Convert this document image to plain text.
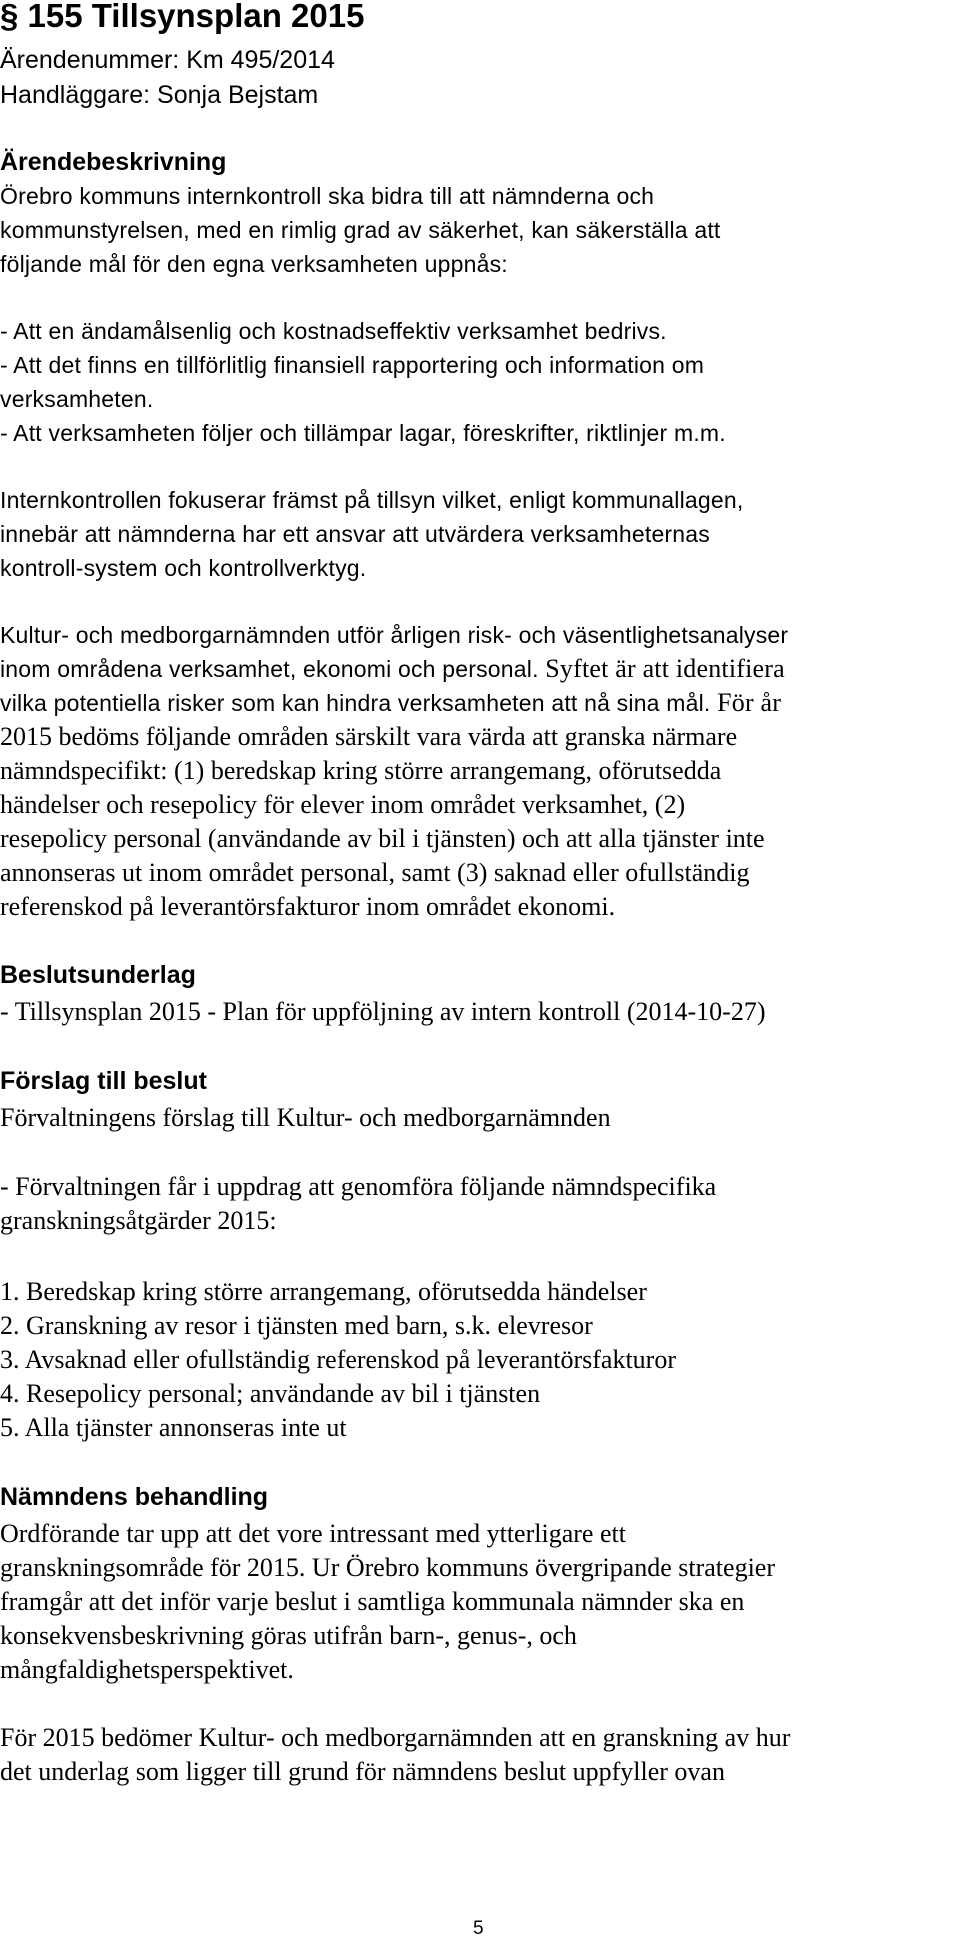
§ 155 Tillsynsplan 2015

Ärendenummer: Km 495/2014

Handläggare: Sonja Bejstam

Ärendebeskrivning

Örebro kommuns internkontroll ska bidra till att nämnderna och

kommunstyrelsen, med en rimlig grad av säkerhet, kan säkerställa att

följande mål för den egna verksamheten uppnås:

- Att en ändamålsenlig och kostnadseffektiv verksamhet bedrivs.

- Att det finns en tillförlitlig finansiell rapportering och information om

verksamheten.

- Att verksamheten följer och tillämpar lagar, föreskrifter, riktlinjer m.m.

Internkontrollen fokuserar främst på tillsyn vilket, enligt kommunallagen,

innebär att nämnderna har ett ansvar att utvärdera verksamheternas

kontroll-system och kontrollverktyg.

Kultur- och medborgarnämnden utför årligen risk- och väsentlighetsanalyser

inom områdena verksamhet, ekonomi och personal. Syftet är att identifiera

vilka potentiella risker som kan hindra verksamheten att nå sina mål. För år

2015 bedöms följande områden särskilt vara värda att granska närmare

nämndspecifikt: (1) beredskap kring större arrangemang, oförutsedda

händelser och resepolicy för elever inom området verksamhet, (2)

resepolicy personal (användande av bil i tjänsten) och att alla tjänster inte

annonseras ut inom området personal, samt (3) saknad eller ofullständig

referenskod på leverantörsfakturor inom området ekonomi.

Beslutsunderlag

- Tillsynsplan 2015 - Plan för uppföljning av intern kontroll (2014-10-27)

Förslag till beslut

Förvaltningens förslag till Kultur- och medborgarnämnden

- Förvaltningen får i uppdrag att genomföra följande nämndspecifika

granskningsåtgärder 2015:

1. Beredskap kring större arrangemang, oförutsedda händelser

2. Granskning av resor i tjänsten med barn, s.k. elevresor

3. Avsaknad eller ofullständig referenskod på leverantörsfakturor

4. Resepolicy personal; användande av bil i tjänsten

5. Alla tjänster annonseras inte ut

Nämndens behandling

Ordförande tar upp att det vore intressant med ytterligare ett

granskningsområde för 2015. Ur Örebro kommuns övergripande strategier

framgår att det inför varje beslut i samtliga kommunala nämnder ska en

konsekvensbeskrivning göras utifrån barn-, genus-, och

mångfaldighetsperspektivet.

För 2015 bedömer Kultur- och medborgarnämnden att en granskning av hur

det underlag som ligger till grund för nämndens beslut uppfyller ovan

5
